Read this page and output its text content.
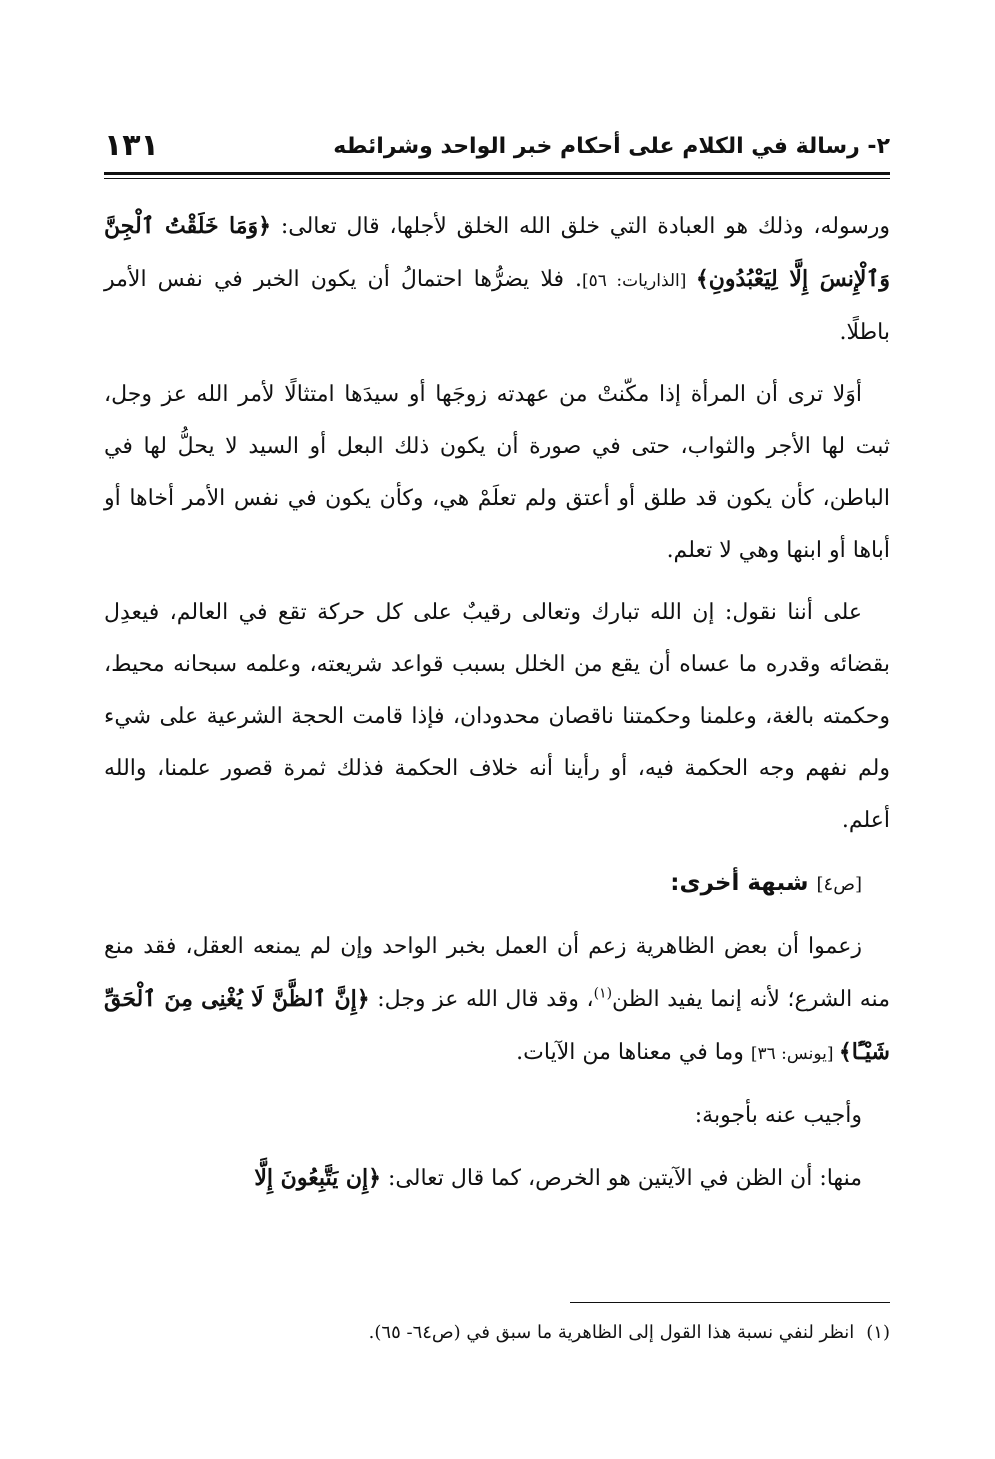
٢- رسالة في الكلام على أحكام خبر الواحد وشرائطه
١٣١

ورسوله، وذلك هو العبادة التي خلق الله الخلق لأجلها، قال تعالى: ﴿وَمَا خَلَقْتُ ٱلْجِنَّ وَٱلْإِنسَ إِلَّا لِيَعْبُدُونِ﴾ [الذاريات: ٥٦]. فلا يضرُّها احتمالُ أن يكون الخبر في نفس الأمر باطلًا.

أوَلا ترى أن المرأة إذا مكّنتْ من عهدته زوجَها أو سيدَها امتثالًا لأمر الله عز وجل، ثبت لها الأجر والثواب، حتى في صورة أن يكون ذلك البعل أو السيد لا يحلُّ لها في الباطن، كأن يكون قد طلق أو أعتق ولم تعلَمْ هي، وكأن يكون في نفس الأمر أخاها أو أباها أو ابنها وهي لا تعلم.

على أننا نقول: إن الله تبارك وتعالى رقيبٌ على كل حركة تقع في العالم، فيعدِل بقضائه وقدره ما عساه أن يقع من الخلل بسبب قواعد شريعته، وعلمه سبحانه محيط، وحكمته بالغة، وعلمنا وحكمتنا ناقصان محدودان، فإذا قامت الحجة الشرعية على شيء ولم نفهم وجه الحكمة فيه، أو رأينا أنه خلاف الحكمة فذلك ثمرة قصور علمنا، والله أعلم.

[ص٤] شبهة أخرى:

زعموا أن بعض الظاهرية زعم أن العمل بخبر الواحد وإن لم يمنعه العقل، فقد منع منه الشرع؛ لأنه إنما يفيد الظن$^{(١)}$، وقد قال الله عز وجل: ﴿إِنَّ ٱلظَّنَّ لَا يُغْنِى مِنَ ٱلْحَقِّ شَيْـًٔا﴾ [يونس: ٣٦] وما في معناها من الآيات.

وأجيب عنه بأجوبة:

منها: أن الظن في الآيتين هو الخرص، كما قال تعالى: ﴿إِن يَتَّبِعُونَ إِلَّا

(١)انظر لنفي نسبة هذا القول إلى الظاهرية ما سبق في (ص٦٤- ٦٥).
